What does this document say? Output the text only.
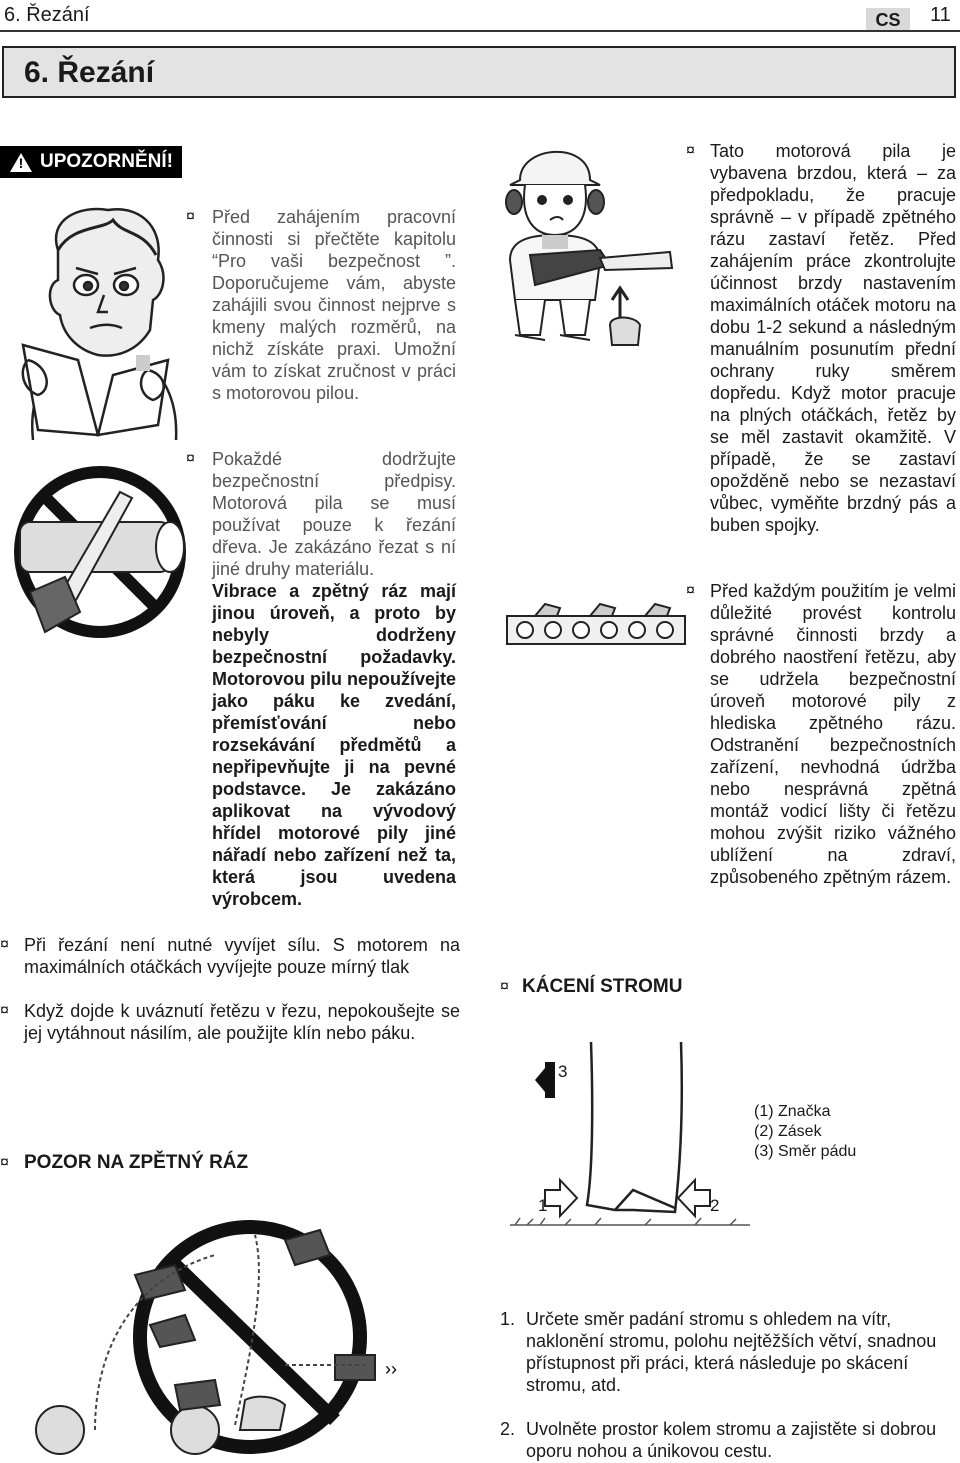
6. Řezání	CS	11
6. Řezání
! UPOZORNĚNÍ!
¤ Před zahájením pracovní činnosti si přečtěte kapitolu “Pro vaši bezpečnost ”. Doporučujeme vám, abyste zahájili svou činnost nejprve s kmeny malých rozměrů, na nichž získáte praxi. Umožní vám to získat zručnost v práci s motorovou pilou.
¤ Pokaždé dodržujte bezpečnostní předpisy. Motorová pila se musí používat pouze k řezání dřeva. Je zakázáno řezat s ní jiné druhy materiálu.
Vibrace a zpětný ráz mají jinou úroveň, a proto by nebyly dodrženy bezpečnostní požadavky. Motorovou pilu nepoužívejte jako páku ke zvedání, přemísťování nebo rozsekávání předmětů a nepřipevňujte ji na pevné podstavce. Je zakázáno aplikovat na vývodový hřídel motorové pily jiné nářadí nebo zařízení než ta, která jsou uvedena výrobcem.
¤ Tato motorová pila je vybavena brzdou, která – za předpokladu, že pracuje správně – v případě zpětného rázu zastaví řetěz. Před zahájením práce zkontrolujte účinnost brzdy nastavením maximálních otáček motoru na dobu 1-2 sekund a následným manuálním posunutím přední ochrany ruky směrem dopředu. Když motor pracuje na plných otáčkách, řetěz by se měl zastavit okamžitě. V případě, že se zastaví opožděně nebo se nezastaví vůbec, vyměňte brzdný pás a buben spojky.
¤ Před každým použitím je velmi důležité provést kontrolu správné činnosti brzdy a dobrého naostření řetězu, aby se udržela bezpečnostní úroveň motorové pily z hlediska zpětného rázu. Odstranění bezpečnostních zařízení, nevhodná údržba nebo nesprávná zpětná montáž vodicí lišty či řetězu mohou zvýšit riziko vážného ublížení na zdraví, způsobeného zpětným rázem.
¤ Při řezání není nutné vyvíjet sílu. S motorem na maximálních otáčkách vyvíjejte pouze mírný tlak
¤ Když dojde k uváznutí řetězu v řezu, nepokoušejte se jej vytáhnout násilím, ale použijte klín nebo páku.
¤ POZOR NA ZPĚTNÝ RÁZ
››
¤ KÁCENÍ STROMU
3
1	2
(1) Značka
(2) Zásek
(3) Směr pádu
1. Určete směr padání stromu s ohledem na vítr, naklonění stromu, polohu nejtěžších větví, snadnou přístupnost při práci, která následuje po skácení stromu, atd.
2. Uvolněte prostor kolem stromu a zajistěte si dobrou oporu nohou a únikovou cestu.
